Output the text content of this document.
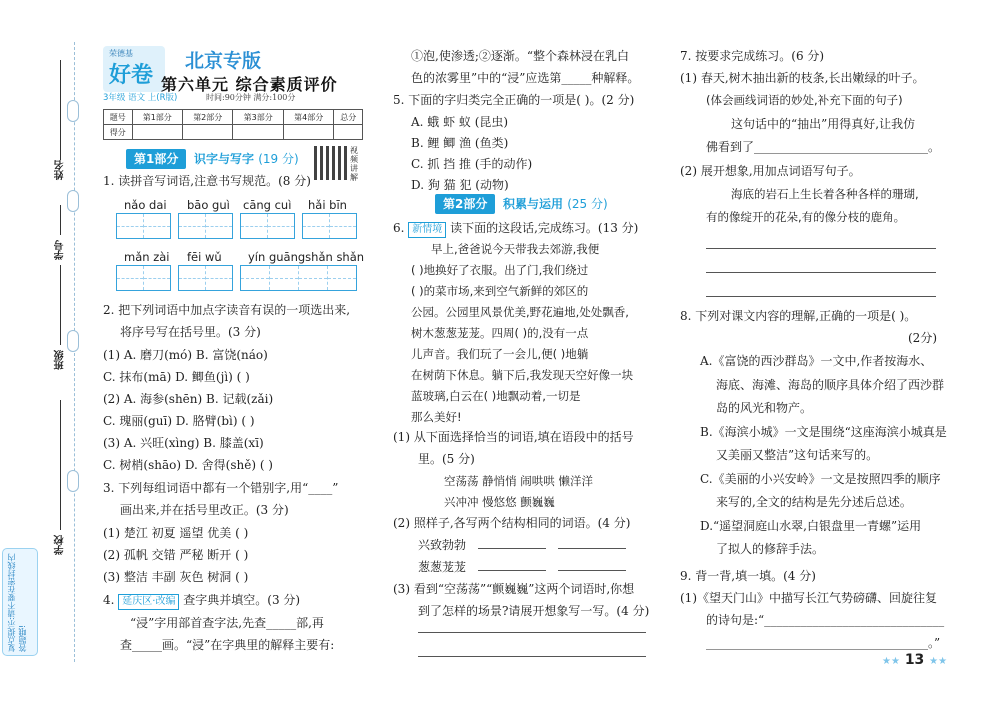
姓名
学号
班级
学校
复点提示:请不要在密封线内答题哦!
荣德基
好卷
北京专版
第六单元 综合素质评价
3年级 语文 上(R版)	时间:90分钟 满分:100分
题号	第1部分	第2部分	第3部分	第4部分	总分
得分					
视频讲解
第1部分	识字与写字 (19 分)
1. 读拼音写词语,注意书写规范。(8 分)
nǎo dai bāo guì cāng cuì hǎi bīn
mǎn zài fēi wǔ yín guāngshǎn shǎn
2. 把下列词语中加点字读音有误的一项选出来,
将序号写在括号里。(3 分)
(1) A. 磨刀(mó) B. 富饶(náo)
C. 抹布(mā) D. 鲫鱼(jì) ( )
(2) A. 海参(shēn) B. 记载(zǎi)
C. 瑰丽(guī) D. 胳臂(bì) ( )
(3) A. 兴旺(xìng) B. 膝盖(xī)
C. 树梢(shāo) D. 舍得(shě) ( )
3. 下列每组词语中都有一个错别字,用“____”
画出来,并在括号里改正。(3 分)
(1) 楚江 初夏 遥望 优美 ( )
(2) 孤帆 交错 严秘 断开 ( )
(3) 整洁 丰副 灰色 树洞 ( )
4. 延庆区·改编 查字典并填空。(3 分)
“浸”字用部首查字法,先查_____部,再
查_____画。“浸”在字典里的解释主要有:
①泡,使渗透;②逐渐。“整个森林浸在乳白
色的浓雾里”中的“浸”应选第_____种解释。
5. 下面的字归类完全正确的一项是( )。(2 分)
A. 蛾 虾 蚁 (昆虫)
B. 鲤 鲫 渔 (鱼类)
C. 抓 挡 推 (手的动作)
D. 狗 猫 犯 (动物)
第2部分	积累与运用 (25 分)
6. 新情境 读下面的这段话,完成练习。(13 分)
早上,爸爸说今天带我去郊游,我便
( )地换好了衣服。出了门,我们绕过
( )的菜市场,来到空气新鲜的郊区的
公园。公园里风景优美,野花遍地,处处飘香,
树木葱葱茏茏。四周( )的,没有一点
儿声音。我们玩了一会儿,便( )地躺
在树荫下休息。躺下后,我发现天空好像一块
蓝玻璃,白云在( )地飘动着,一切是
那么美好!
(1) 从下面选择恰当的词语,填在语段中的括号
里。(5 分)
空荡荡 静悄悄 闹哄哄 懒洋洋
兴冲冲 慢悠悠 颤巍巍
(2) 照样子,各写两个结构相同的词语。(4 分)
兴致勃勃
葱葱茏茏
(3) 看到“空荡荡”“颤巍巍”这两个词语时,你想
到了怎样的场景?请展开想象写一写。(4 分)
7. 按要求完成练习。(6 分)
(1) 春天,树木抽出新的枝条,长出嫩绿的叶子。
(体会画线词语的妙处,补充下面的句子)
这句话中的“抽出”用得真好,让我仿
佛看到了_____________________________。
(2) 展开想象,用加点词语写句子。
海底的岩石上生长着各种各样的珊瑚,
有的像绽开的花朵,有的像分枝的鹿角。
8. 下列对课文内容的理解,正确的一项是( )。
(2分)
A.《富饶的西沙群岛》一文中,作者按海水、
海底、海滩、海岛的顺序具体介绍了西沙群
岛的风光和物产。
B.《海滨小城》一文是围绕“这座海滨小城真是
又美丽又整洁”这句话来写的。
C.《美丽的小兴安岭》一文是按照四季的顺序
来写的,全文的结构是先分述后总述。
D.“遥望洞庭山水翠,白银盘里一青螺”运用
了拟人的修辞手法。
9. 背一背,填一填。(4 分)
(1)《望天门山》中描写长江气势磅礴、回旋往复
的诗句是:“______________________________
_____________________________________。”
★★ 13 ★★
